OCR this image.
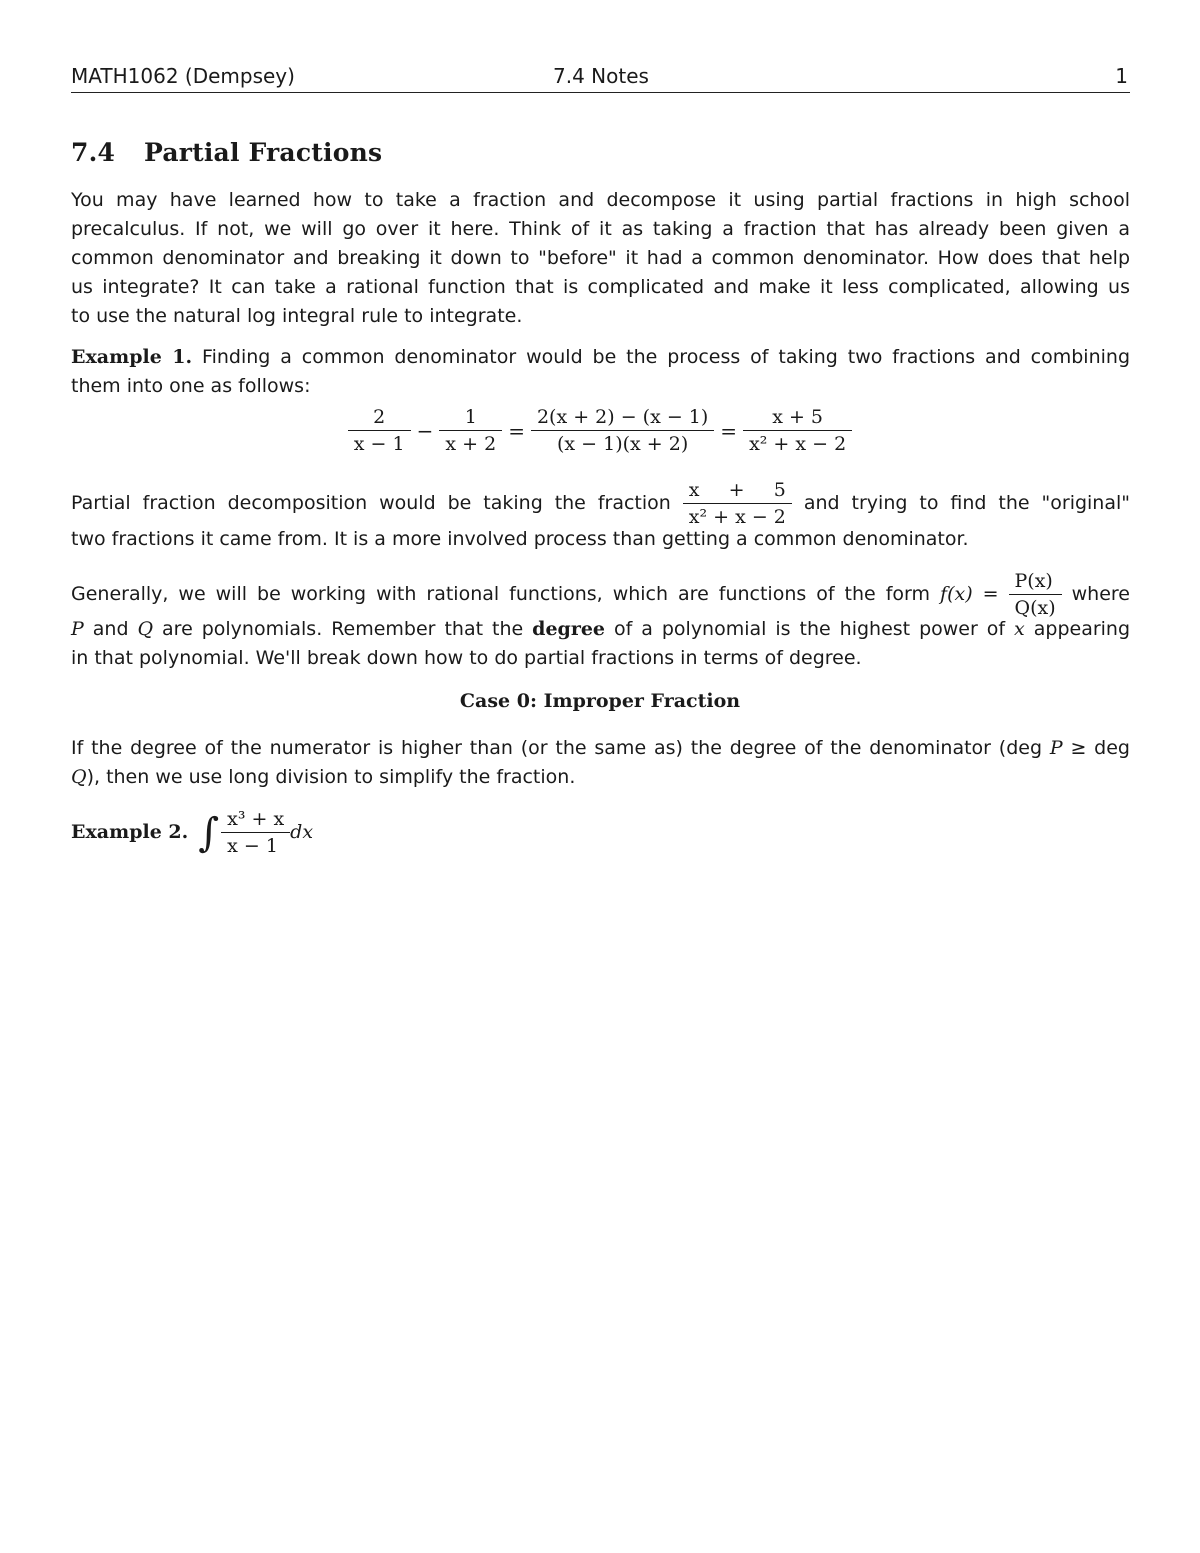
MATH1062 (Dempsey)	7.4 Notes	1
7.4 Partial Fractions
You may have learned how to take a fraction and decompose it using partial fractions in high school
precalculus. If not, we will go over it here. Think of it as taking a fraction that has already been given a
common denominator and breaking it down to "before" it had a common denominator. How does that help
us integrate? It can take a rational function that is complicated and make it less complicated, allowing us
to use the natural log integral rule to integrate.
Example 1. Finding a common denominator would be the process of taking two fractions and combining
them into one as follows:
$\frac{2}{x - 1} - \frac{1}{x + 2} = \frac{2(x + 2) - (x - 1)}{(x - 1)(x + 2)} = \frac{x + 5}{\text{x² + x − 2}}$
Partial fraction decomposition would be taking the fraction $\frac{x + 5}{\text{x² + x − 2}}$ and trying to find the "original"
two fractions it came from. It is a more involved process than getting a common denominator.
Generally, we will be working with rational functions, which are functions of the form $f(x) = \frac{P(x)}{Q(x)}$ where
P and Q are polynomials. Remember that the degree of a polynomial is the highest power of x appearing
in that polynomial. We'll break down how to do partial fractions in terms of degree.
Case 0: Improper Fraction
If the degree of the numerator is higher than (or the same as) the degree of the denominator (deg P ≥ deg
Q), then we use long division to simplify the fraction.
Example 2. ∫ $\frac{\text{x³ + x}}{x - 1}$ dx
